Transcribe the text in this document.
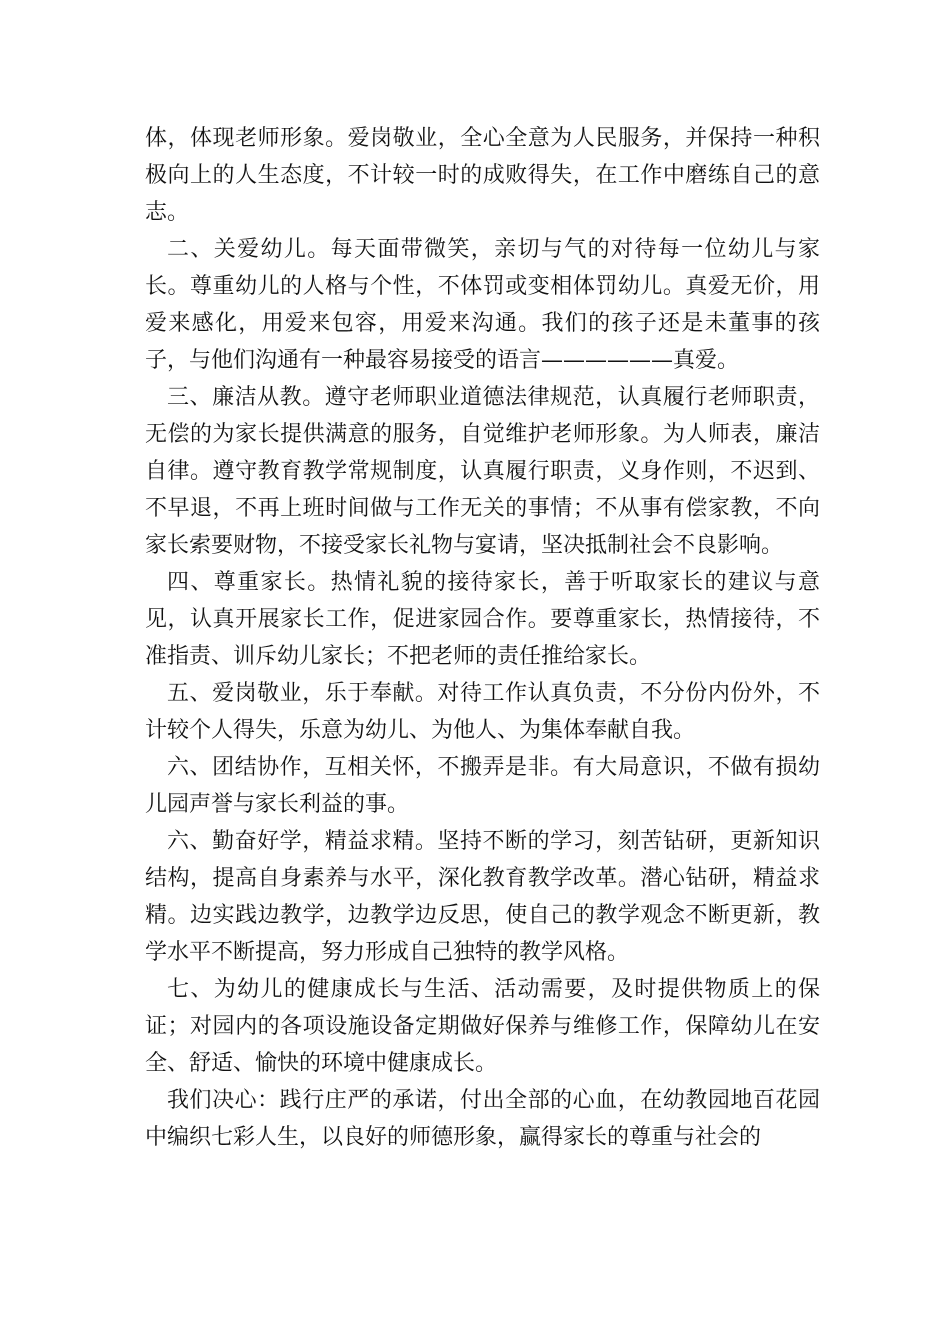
体，体现老师形象。爱岗敬业，全心全意为人民服务，并保持一种积极向上的人生态度，不计较一时的成败得失，在工作中磨练自己的意志。

二、关爱幼儿。每天面带微笑，亲切与气的对待每一位幼儿与家长。尊重幼儿的人格与个性，不体罚或变相体罚幼儿。真爱无价，用爱来感化，用爱来包容，用爱来沟通。我们的孩子还是未董事的孩子，与他们沟通有一种最容易接受的语言——————真爱。

三、廉洁从教。遵守老师职业道德法律规范，认真履行老师职责，无偿的为家长提供满意的服务，自觉维护老师形象。为人师表，廉洁自律。遵守教育教学常规制度，认真履行职责，义身作则，不迟到、不早退，不再上班时间做与工作无关的事情；不从事有偿家教，不向家长索要财物，不接受家长礼物与宴请，坚决抵制社会不良影响。

四、尊重家长。热情礼貌的接待家长，善于听取家长的建议与意见，认真开展家长工作，促进家园合作。要尊重家长，热情接待，不准指责、训斥幼儿家长；不把老师的责任推给家长。

五、爱岗敬业，乐于奉献。对待工作认真负责，不分份内份外，不计较个人得失，乐意为幼儿、为他人、为集体奉献自我。

六、团结协作，互相关怀，不搬弄是非。有大局意识，不做有损幼儿园声誉与家长利益的事。

六、勤奋好学，精益求精。坚持不断的学习，刻苦钻研，更新知识结构，提高自身素养与水平，深化教育教学改革。潜心钻研，精益求精。边实践边教学，边教学边反思，使自己的教学观念不断更新，教学水平不断提高，努力形成自己独特的教学风格。

七、为幼儿的健康成长与生活、活动需要，及时提供物质上的保证；对园内的各项设施设备定期做好保养与维修工作，保障幼儿在安全、舒适、愉快的环境中健康成长。

我们决心：践行庄严的承诺，付出全部的心血，在幼教园地百花园中编织七彩人生，以良好的师德形象，赢得家长的尊重与社会的
